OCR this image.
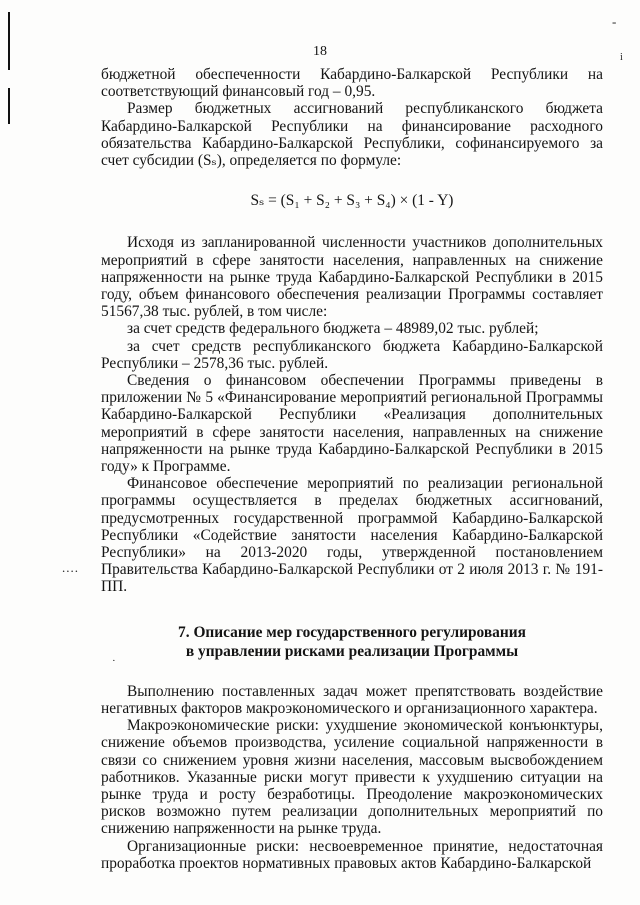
-
i
....
·
18

бюджетной обеспеченности Кабардино-Балкарской Республики на соответствующий финансовый год – 0,95.

Размер бюджетных ассигнований республиканского бюджета Кабардино-Балкарской Республики на финансирование расходного обязательства Кабардино-Балкарской Республики, софинансируемого за счет субсидии (Sₛ), определяется по формуле:

Sₛ = (S₁ + S₂ + S₃ + S₄) × (1 - Y)

Исходя из запланированной численности участников дополнительных мероприятий в сфере занятости населения, направленных на снижение напряженности на рынке труда Кабардино-Балкарской Республики в 2015 году, объем финансового обеспечения реализации Программы составляет 51567,38 тыс. рублей, в том числе:

за счет средств федерального бюджета – 48989,02 тыс. рублей;

за счет средств республиканского бюджета Кабардино-Балкарской Республики – 2578,36 тыс. рублей.

Сведения о финансовом обеспечении Программы приведены в приложении № 5 «Финансирование мероприятий региональной Программы Кабардино-Балкарской Республики «Реализация дополнительных мероприятий в сфере занятости населения, направленных на снижение напряженности на рынке труда Кабардино-Балкарской Республики в 2015 году» к Программе.

Финансовое обеспечение мероприятий по реализации региональной программы осуществляется в пределах бюджетных ассигнований, предусмотренных государственной программой Кабардино-Балкарской Республики «Содействие занятости населения Кабардино-Балкарской Республики» на 2013-2020 годы, утвержденной постановлением Правительства Кабардино-Балкарской Республики от 2 июля 2013 г. № 191-ПП.

7. Описание мер государственного регулирования
в управлении рисками реализации Программы

Выполнению поставленных задач может препятствовать воздействие негативных факторов макроэкономического и организационного характера.

Макроэкономические риски: ухудшение экономической конъюнктуры, снижение объемов производства, усиление социальной напряженности в связи со снижением уровня жизни населения, массовым высвобождением работников. Указанные риски могут привести к ухудшению ситуации на рынке труда и росту безработицы. Преодоление макроэкономических рисков возможно путем реализации дополнительных мероприятий по снижению напряженности на рынке труда.

Организационные риски: несвоевременное принятие, недостаточная проработка проектов нормативных правовых актов Кабардино-Балкарской
